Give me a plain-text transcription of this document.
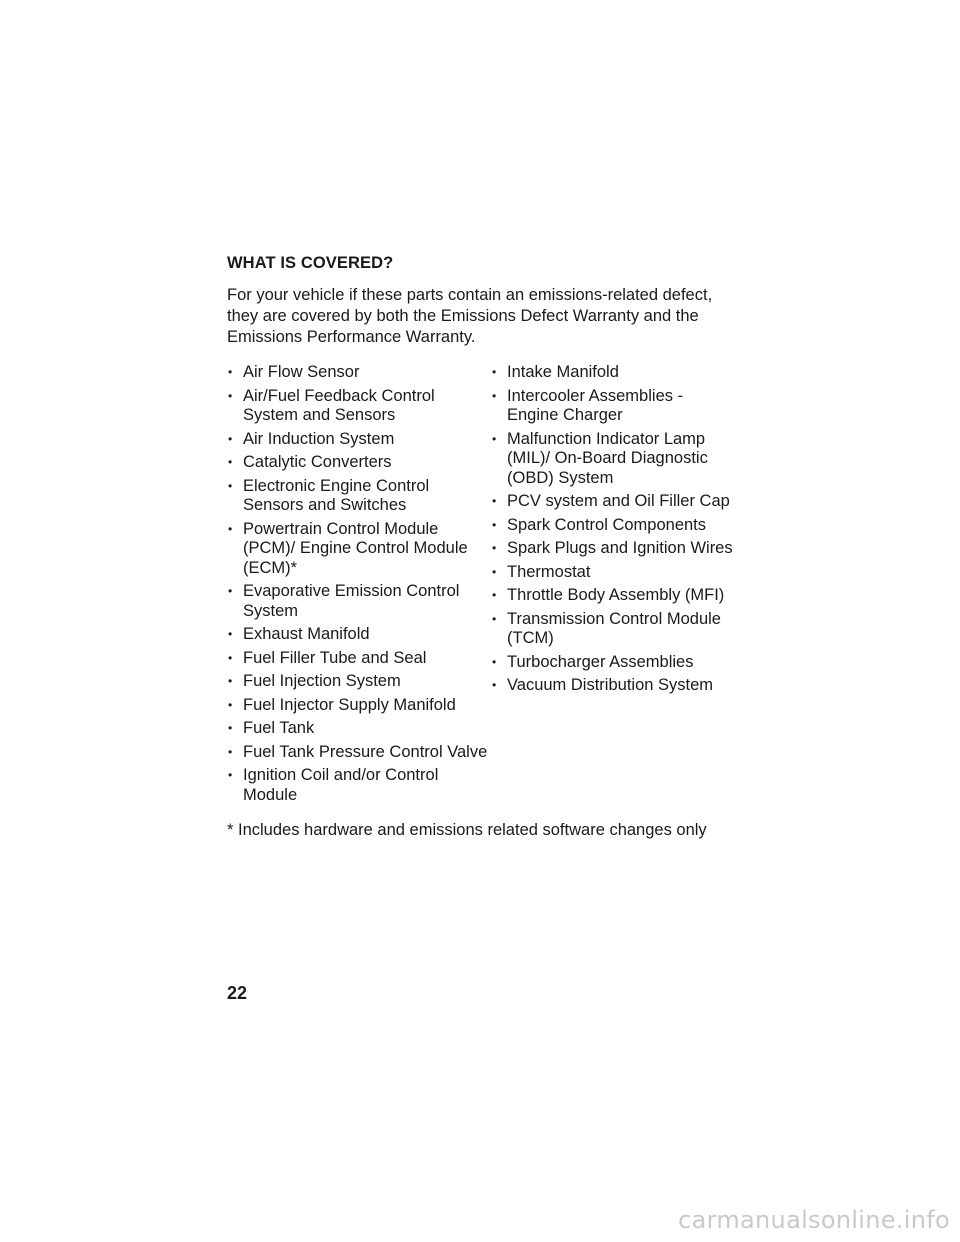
WHAT IS COVERED?

For your vehicle if these parts contain an emissions-related defect, they are covered by both the Emissions Defect Warranty and the Emissions Performance Warranty.

• Air Flow Sensor
• Air/Fuel Feedback Control System and Sensors
• Air Induction System
• Catalytic Converters
• Electronic Engine Control Sensors and Switches
• Powertrain Control Module (PCM)/ Engine Control Module (ECM)*
• Evaporative Emission Control System
• Exhaust Manifold
• Fuel Filler Tube and Seal
• Fuel Injection System
• Fuel Injector Supply Manifold
• Fuel Tank
• Fuel Tank Pressure Control Valve
• Ignition Coil and/or Control Module
• Intake Manifold
• Intercooler Assemblies - Engine Charger
• Malfunction Indicator Lamp (MIL)/ On-Board Diagnostic (OBD) System
• PCV system and Oil Filler Cap
• Spark Control Components
• Spark Plugs and Ignition Wires
• Thermostat
• Throttle Body Assembly (MFI)
• Transmission Control Module (TCM)
• Turbocharger Assemblies
• Vacuum Distribution System
* Includes hardware and emissions related software changes only
22
carmanualsonline.info
